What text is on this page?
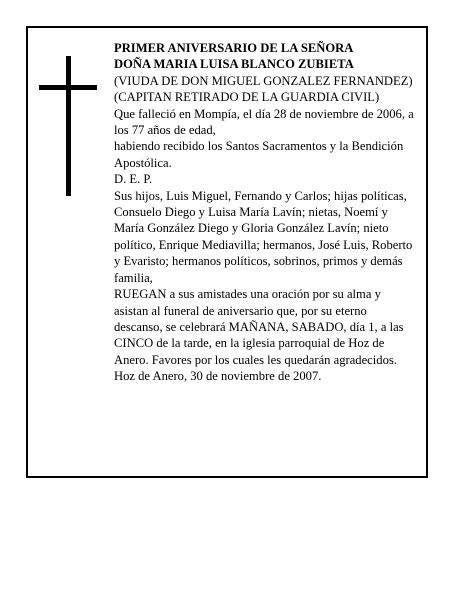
PRIMER ANIVERSARIO DE LA SEÑORA

DOÑA MARIA LUISA BLANCO ZUBIETA

(VIUDA DE DON MIGUEL GONZALEZ FERNANDEZ) (CAPITAN RETIRADO DE LA GUARDIA CIVIL)

Que falleció en Mompía, el día 28 de noviembre de 2006, a los 77 años de edad,

habiendo recibido los Santos Sacramentos y la Bendición Apostólica.

D. E. P.

Sus hijos, Luis Miguel, Fernando y Carlos; hijas políticas, Consuelo Diego y Luisa María Lavín; nietas, Noemí y María González Diego y Gloria González Lavín; nieto político, Enrique Mediavilla; hermanos, José Luis, Roberto y Evaristo; hermanos políticos, sobrinos, primos y demás familia,

RUEGAN a sus amistades una oración por su alma y asistan al funeral de aniversario que, por su eterno descanso, se celebrará MAÑANA, SABADO, día 1, a las CINCO de la tarde, en la iglesia parroquial de Hoz de Anero. Favores por los cuales les quedarán agradecidos.

Hoz de Anero, 30 de noviembre de 2007.
